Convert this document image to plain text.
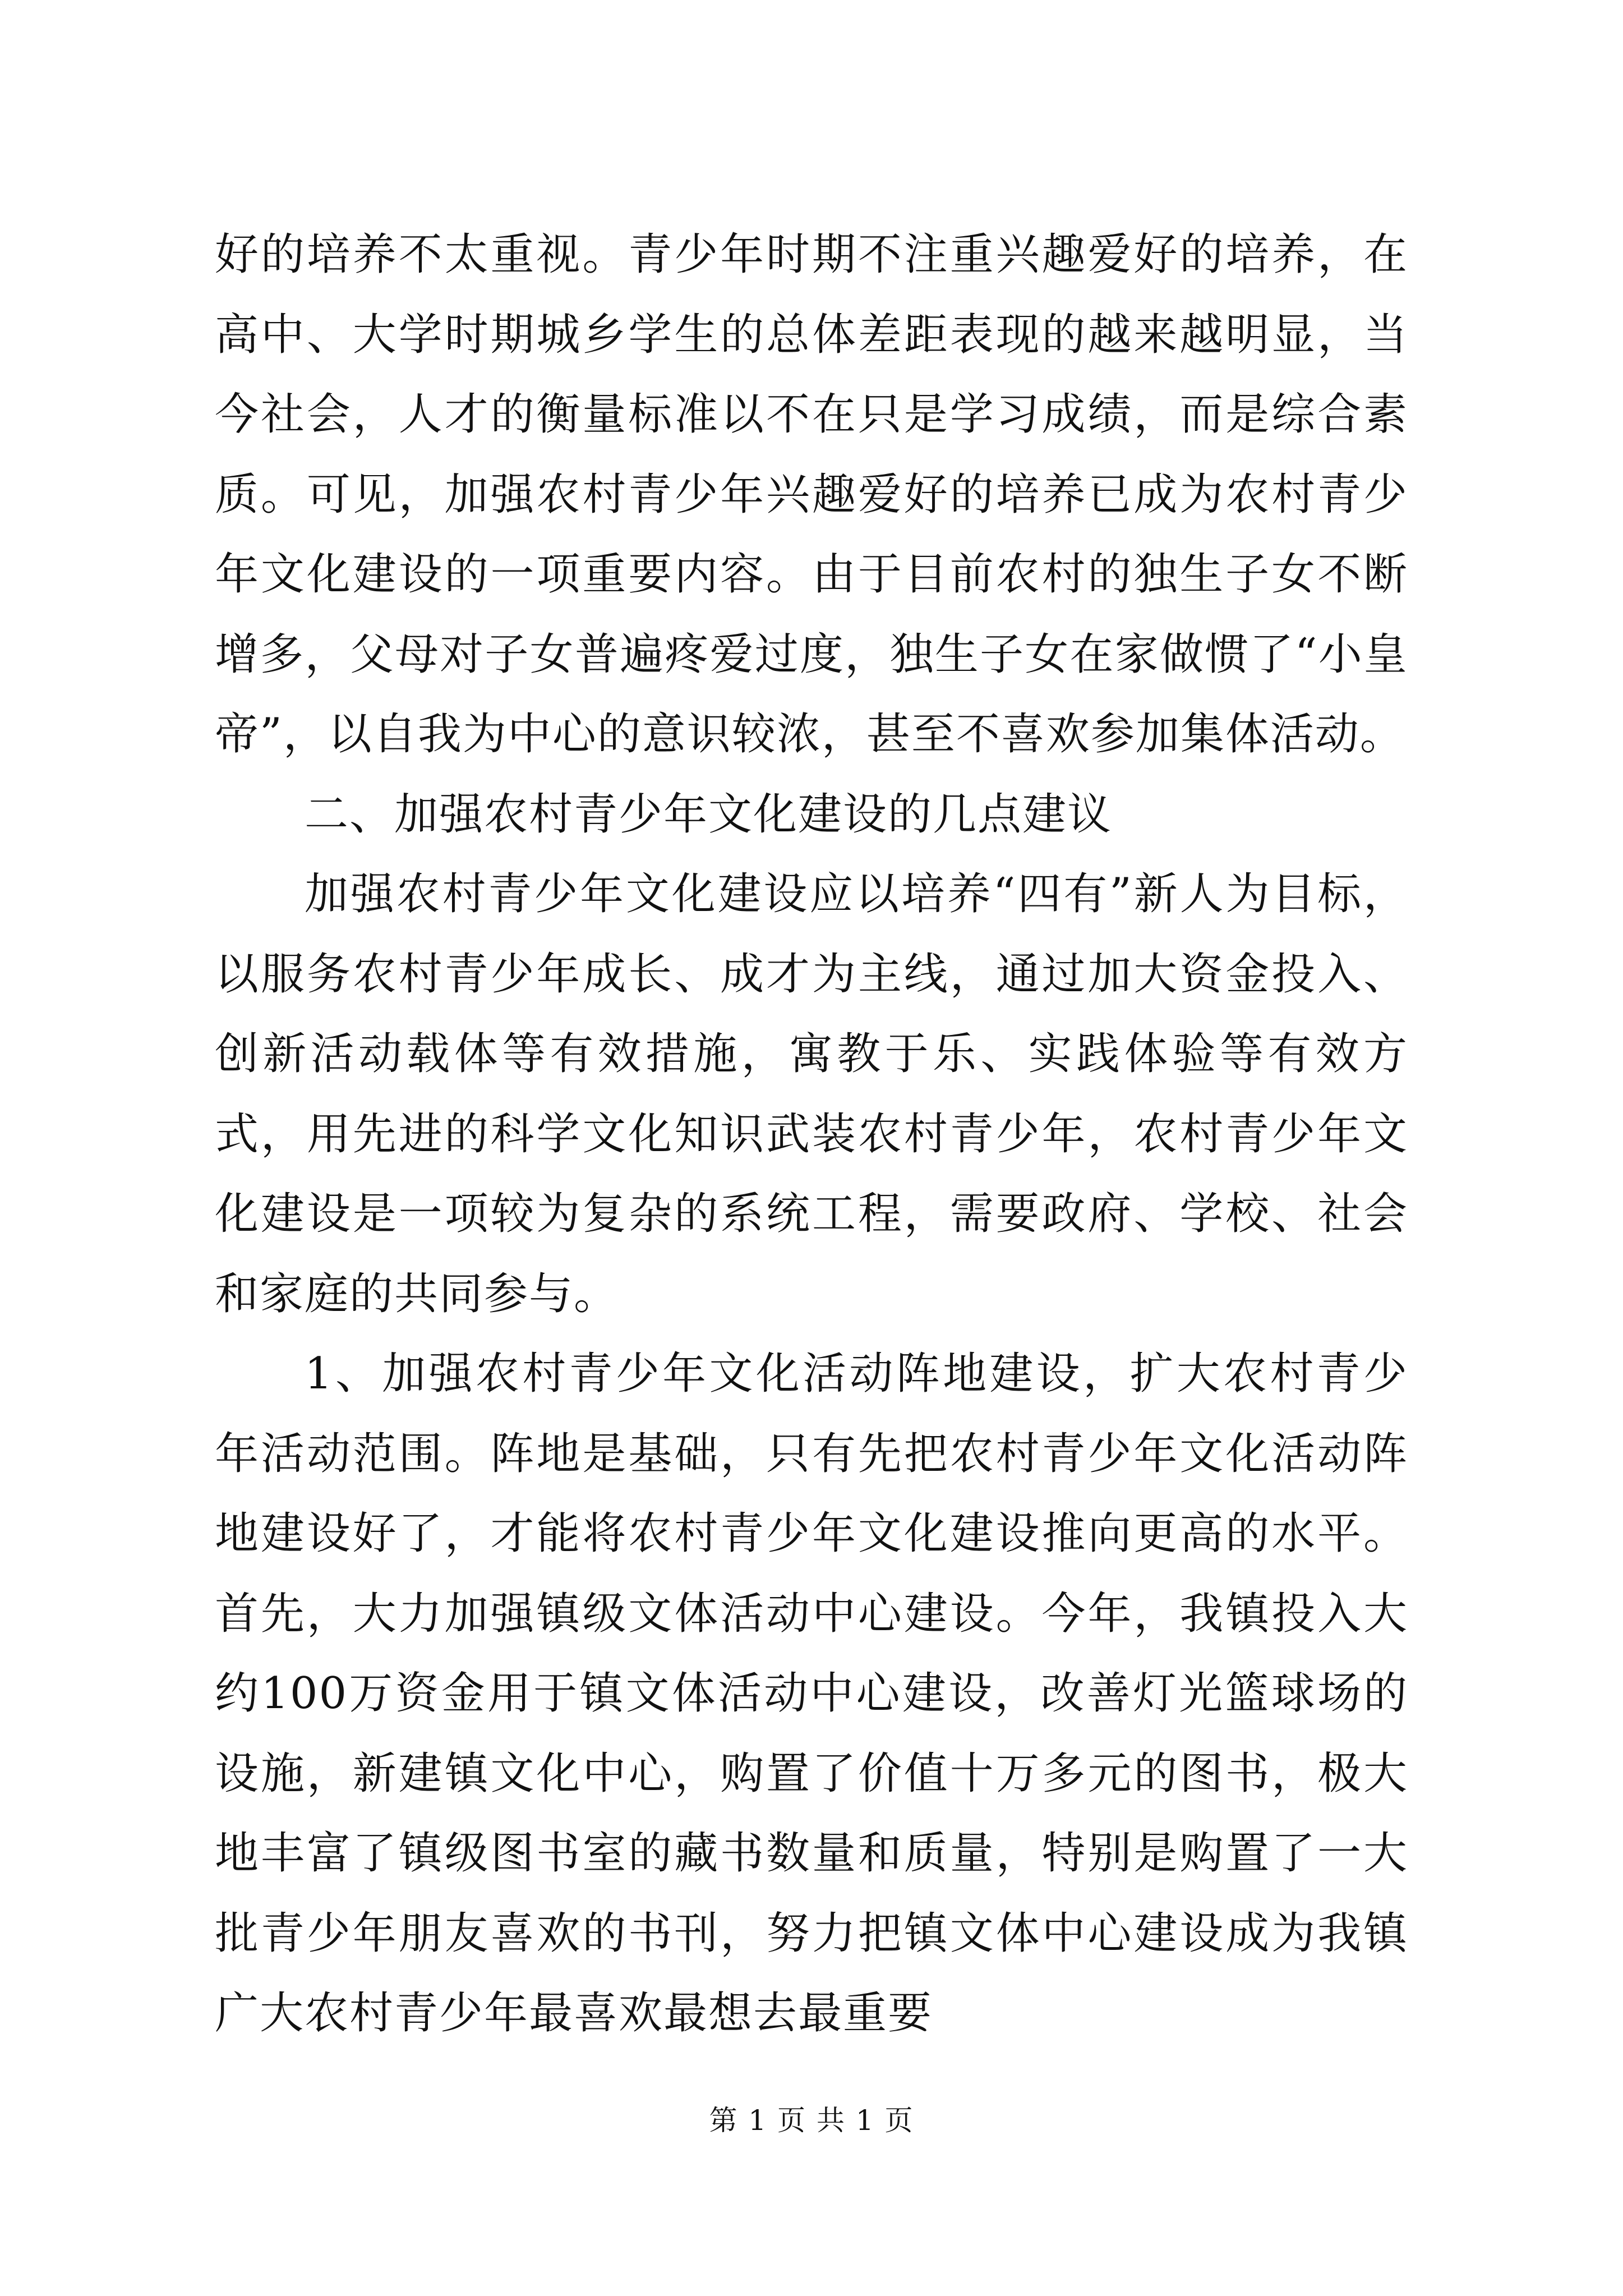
好的培养不太重视。青少年时期不注重兴趣爱好的培养，在高中、大学时期城乡学生的总体差距表现的越来越明显，当今社会，人才的衡量标准以不在只是学习成绩，而是综合素质。可见，加强农村青少年兴趣爱好的培养已成为农村青少年文化建设的一项重要内容。由于目前农村的独生子女不断增多，父母对子女普遍疼爱过度，独生子女在家做惯了“小皇帝”，以自我为中心的意识较浓，甚至不喜欢参加集体活动。

二、加强农村青少年文化建设的几点建议

加强农村青少年文化建设应以培养“四有”新人为目标，以服务农村青少年成长、成才为主线，通过加大资金投入、创新活动载体等有效措施，寓教于乐、实践体验等有效方式，用先进的科学文化知识武装农村青少年，农村青少年文化建设是一项较为复杂的系统工程，需要政府、学校、社会和家庭的共同参与。

1、加强农村青少年文化活动阵地建设，扩大农村青少年活动范围。阵地是基础，只有先把农村青少年文化活动阵地建设好了，才能将农村青少年文化建设推向更高的水平。首先，大力加强镇级文体活动中心建设。今年，我镇投入大约100万资金用于镇文体活动中心建设，改善灯光篮球场的设施，新建镇文化中心，购置了价值十万多元的图书，极大地丰富了镇级图书室的藏书数量和质量，特别是购置了一大批青少年朋友喜欢的书刊，努力把镇文体中心建设成为我镇广大农村青少年最喜欢最想去最重要

第 1 页 共 1 页
